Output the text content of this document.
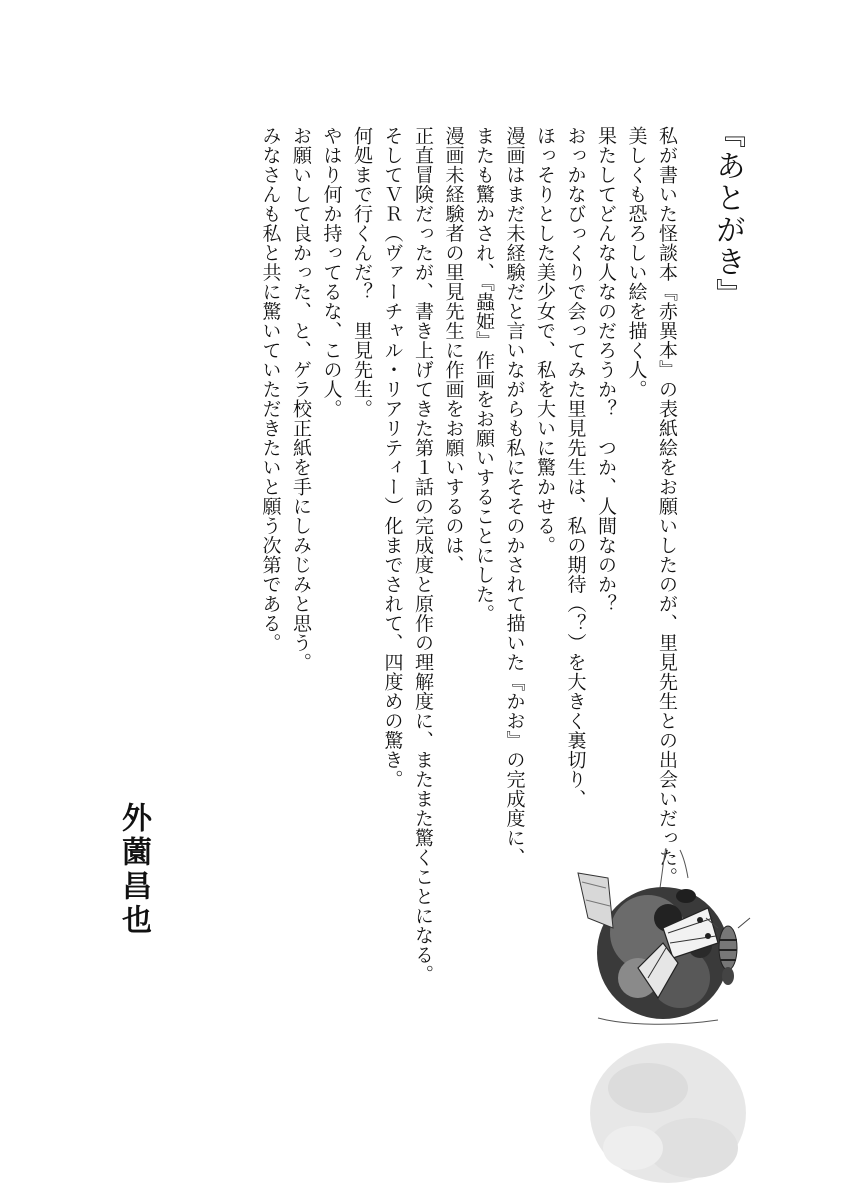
『あとがき』
私が書いた怪談本『赤異本』の表紙絵をお願いしたのが、里見先生との出会いだった。
美しくも恐ろしい絵を描く人。
果たしてどんな人なのだろうか？　つか、人間なのか？
おっかなびっくりで会ってみた里見先生は、私の期待（？）を大きく裏切り、
ほっそりとした美少女で、私を大いに驚かせる。
漫画はまだ未経験だと言いながらも私にそそのかされて描いた『かお』の完成度に、
またも驚かされ、『蟲姫』作画をお願いすることにした。
漫画未経験者の里見先生に作画をお願いするのは、
正直冒険だったが、書き上げてきた第１話の完成度と原作の理解度に、またまた驚くことになる。
そしてＶＲ（ヴァーチャル・リアリティー）化までされて、四度めの驚き。
何処まで行くんだ？　里見先生。
やはり何か持ってるな、この人。
お願いして良かった、と、ゲラ校正紙を手にしみじみと思う。
みなさんも私と共に驚いていただきたいと願う次第である。
外薗昌也
